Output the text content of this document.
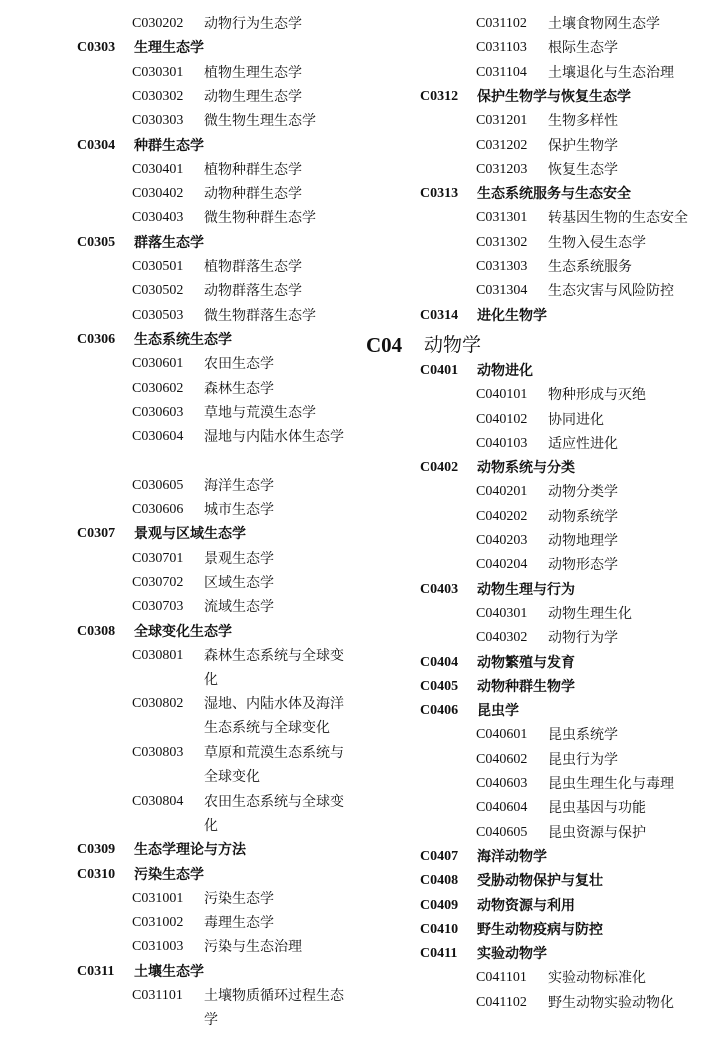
C030202 动物行为生态学
C0303 生理生态学
C030301 植物生理生态学
C030302 动物生理生态学
C030303 微生物生理生态学
C0304 种群生态学
C030401 植物种群生态学
C030402 动物种群生态学
C030403 微生物种群生态学
C0305 群落生态学
C030501 植物群落生态学
C030502 动物群落生态学
C030503 微生物群落生态学
C0306 生态系统生态学
C030601 农田生态学
C030602 森林生态学
C030603 草地与荒漠生态学
C030604 湿地与内陆水体生态学
C030605 海洋生态学
C030606 城市生态学
C0307 景观与区域生态学
C030701 景观生态学
C030702 区域生态学
C030703 流域生态学
C0308 全球变化生态学
C030801 森林生态系统与全球变化
C030802 湿地、内陆水体及海洋生态系统与全球变化
C030803 草原和荒漠生态系统与全球变化
C030804 农田生态系统与全球变化
C0309 生态学理论与方法
C0310 污染生态学
C031001 污染生态学
C031002 毒理生态学
C031003 污染与生态治理
C0311 土壤生态学
C031101 土壤物质循环过程生态学
C031102 土壤食物网生态学
C031103 根际生态学
C031104 土壤退化与生态治理
C0312 保护生物学与恢复生态学
C031201 生物多样性
C031202 保护生物学
C031203 恢复生态学
C0313 生态系统服务与生态安全
C031301 转基因生物的生态安全
C031302 生物入侵生态学
C031303 生态系统服务
C031304 生态灾害与风险防控
C0314 进化生物学
C04 动物学
C0401 动物进化
C040101 物种形成与灭绝
C040102 协同进化
C040103 适应性进化
C0402 动物系统与分类
C040201 动物分类学
C040202 动物系统学
C040203 动物地理学
C040204 动物形态学
C0403 动物生理与行为
C040301 动物生理生化
C040302 动物行为学
C0404 动物繁殖与发育
C0405 动物种群生物学
C0406 昆虫学
C040601 昆虫系统学
C040602 昆虫行为学
C040603 昆虫生理生化与毒理
C040604 昆虫基因与功能
C040605 昆虫资源与保护
C0407 海洋动物学
C0408 受胁动物保护与复壮
C0409 动物资源与利用
C0410 野生动物疫病与防控
C0411 实验动物学
C041101 实验动物标准化
C041102 野生动物实验动物化
